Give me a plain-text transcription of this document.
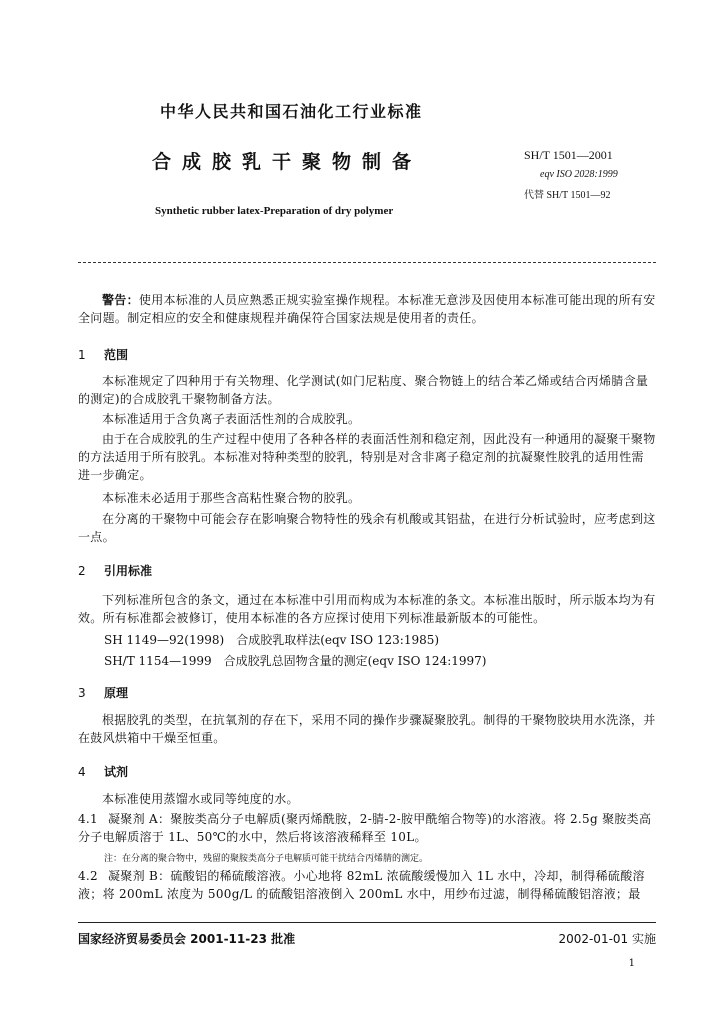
中华人民共和国石油化工行业标准
合成胶乳干聚物制备
Synthetic rubber latex-Preparation of dry polymer
SH/T 1501—2001
eqv ISO 2028:1999
代替 SH/T 1501—92
警告：使用本标准的人员应熟悉正规实验室操作规程。本标准无意涉及因使用本标准可能出现的所有安全问题。制定相应的安全和健康规程并确保符合国家法规是使用者的责任。
1 范围
本标准规定了四种用于有关物理、化学测试(如门尼粘度、聚合物链上的结合苯乙烯或结合丙烯腈含量的测定)的合成胶乳干聚物制备方法。
本标准适用于含负离子表面活性剂的合成胶乳。
由于在合成胶乳的生产过程中使用了各种各样的表面活性剂和稳定剂，因此没有一种通用的凝聚干聚物的方法适用于所有胶乳。本标准对特种类型的胶乳，特别是对含非离子稳定剂的抗凝聚性胶乳的适用性需进一步确定。
本标准未必适用于那些含高粘性聚合物的胶乳。
在分离的干聚物中可能会存在影响聚合物特性的残余有机酸或其铝盐，在进行分析试验时，应考虑到这一点。
2 引用标准
下列标准所包含的条文，通过在本标准中引用而构成为本标准的条文。本标准出版时，所示版本均为有效。所有标准都会被修订，使用本标准的各方应探讨使用下列标准最新版本的可能性。
SH 1149—92(1998)　合成胶乳取样法(eqv ISO 123:1985)
SH/T 1154—1999　合成胶乳总固物含量的测定(eqv ISO 124:1997)
3 原理
根据胶乳的类型，在抗氧剂的存在下，采用不同的操作步骤凝聚胶乳。制得的干聚物胶块用水洗涤，并在鼓风烘箱中干燥至恒重。
4 试剂
本标准使用蒸馏水或同等纯度的水。
4.1 凝聚剂 A：聚胺类高分子电解质(聚丙烯酰胺，2-腈-2-胺甲酰缩合物等)的水溶液。将 2.5g 聚胺类高分子电解质溶于 1L、50℃的水中，然后将该溶液稀释至 10L。
注：在分离的聚合物中，残留的聚胺类高分子电解质可能干扰结合丙烯腈的测定。
4.2 凝聚剂 B：硫酸铝的稀硫酸溶液。小心地将 82mL 浓硫酸缓慢加入 1L 水中，冷却，制得稀硫酸溶液；将 200mL 浓度为 500g/L 的硫酸铝溶液倒入 200mL 水中，用纱布过滤，制得稀硫酸铝溶液；最
国家经济贸易委员会 2001-11-23 批准	2002-01-01 实施
1
